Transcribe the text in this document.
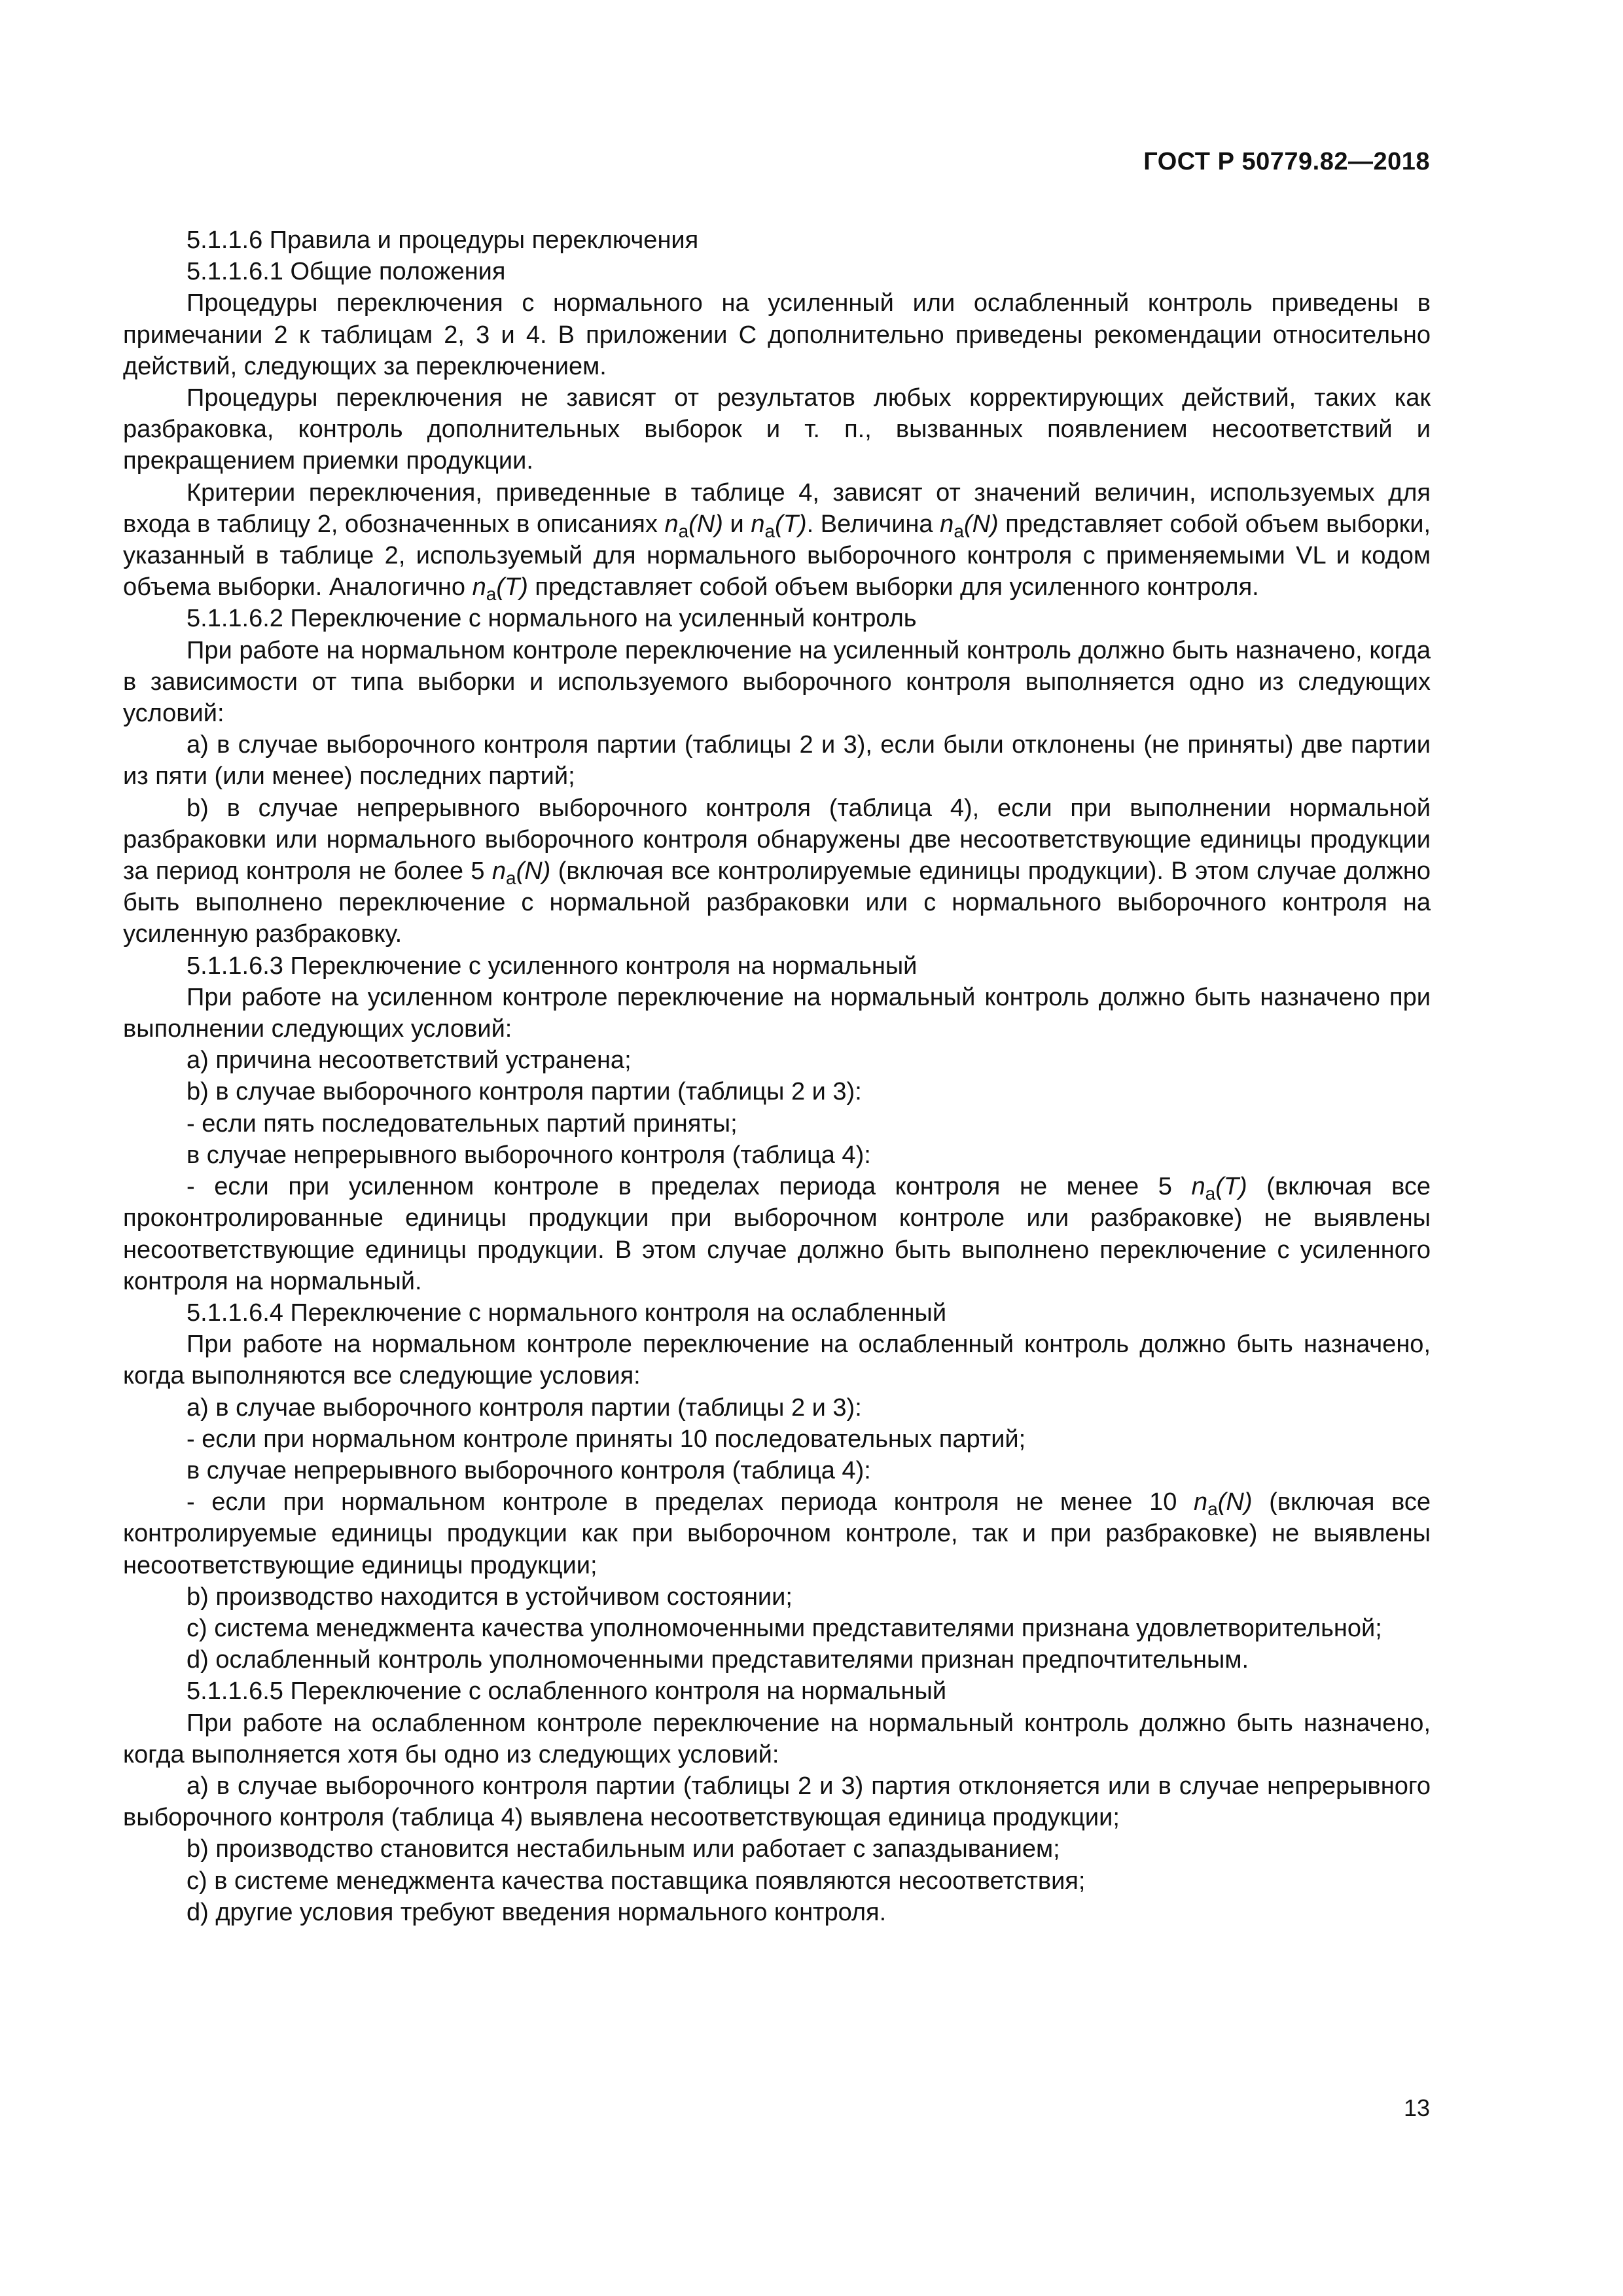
ГОСТ Р 50779.82—2018
5.1.1.6 Правила и процедуры переключения
5.1.1.6.1 Общие положения
Процедуры переключения с нормального на усиленный или ослабленный контроль приведены в примечании 2 к таблицам 2, 3 и 4. В приложении С дополнительно приведены рекомендации относительно действий, следующих за переключением.
Процедуры переключения не зависят от результатов любых корректирующих действий, таких как разбраковка, контроль дополнительных выборок и т. п., вызванных появлением несоответствий и прекращением приемки продукции.
Критерии переключения, приведенные в таблице 4, зависят от значений величин, используемых для входа в таблицу 2, обозначенных в описаниях $n_a(N)$ и $n_a(T)$. Величина $n_a(N)$ представляет собой объем выборки, указанный в таблице 2, используемый для нормального выборочного контроля с применяемыми VL и кодом объема выборки. Аналогично $n_a(T)$ представляет собой объем выборки для усиленного контроля.
5.1.1.6.2 Переключение с нормального на усиленный контроль
При работе на нормальном контроле переключение на усиленный контроль должно быть назначено, когда в зависимости от типа выборки и используемого выборочного контроля выполняется одно из следующих условий:
а) в случае выборочного контроля партии (таблицы 2 и 3), если были отклонены (не приняты) две партии из пяти (или менее) последних партий;
b) в случае непрерывного выборочного контроля (таблица 4), если при выполнении нормальной разбраковки или нормального выборочного контроля обнаружены две несоответствующие единицы продукции за период контроля не более 5 $n_a(N)$ (включая все контролируемые единицы продукции). В этом случае должно быть выполнено переключение с нормальной разбраковки или с нормального выборочного контроля на усиленную разбраковку.
5.1.1.6.3 Переключение с усиленного контроля на нормальный
При работе на усиленном контроле переключение на нормальный контроль должно быть назначено при выполнении следующих условий:
а) причина несоответствий устранена;
b) в случае выборочного контроля партии (таблицы 2 и 3):
- если пять последовательных партий приняты;
в случае непрерывного выборочного контроля (таблица 4):
- если при усиленном контроле в пределах периода контроля не менее 5 $n_a(T)$ (включая все проконтролированные единицы продукции при выборочном контроле или разбраковке) не выявлены несоответствующие единицы продукции. В этом случае должно быть выполнено переключение с усиленного контроля на нормальный.
5.1.1.6.4 Переключение с нормального контроля на ослабленный
При работе на нормальном контроле переключение на ослабленный контроль должно быть назначено, когда выполняются все следующие условия:
а) в случае выборочного контроля партии (таблицы 2 и 3):
- если при нормальном контроле приняты 10 последовательных партий;
в случае непрерывного выборочного контроля (таблица 4):
- если при нормальном контроле в пределах периода контроля не менее 10 $n_a(N)$ (включая все контролируемые единицы продукции как при выборочном контроле, так и при разбраковке) не выявлены несоответствующие единицы продукции;
b) производство находится в устойчивом состоянии;
с) система менеджмента качества уполномоченными представителями признана удовлетворительной;
d) ослабленный контроль уполномоченными представителями признан предпочтительным.
5.1.1.6.5 Переключение с ослабленного контроля на нормальный
При работе на ослабленном контроле переключение на нормальный контроль должно быть назначено, когда выполняется хотя бы одно из следующих условий:
а) в случае выборочного контроля партии (таблицы 2 и 3) партия отклоняется или в случае непрерывного выборочного контроля (таблица 4) выявлена несоответствующая единица продукции;
b) производство становится нестабильным или работает с запаздыванием;
с) в системе менеджмента качества поставщика появляются несоответствия;
d) другие условия требуют введения нормального контроля.
13
